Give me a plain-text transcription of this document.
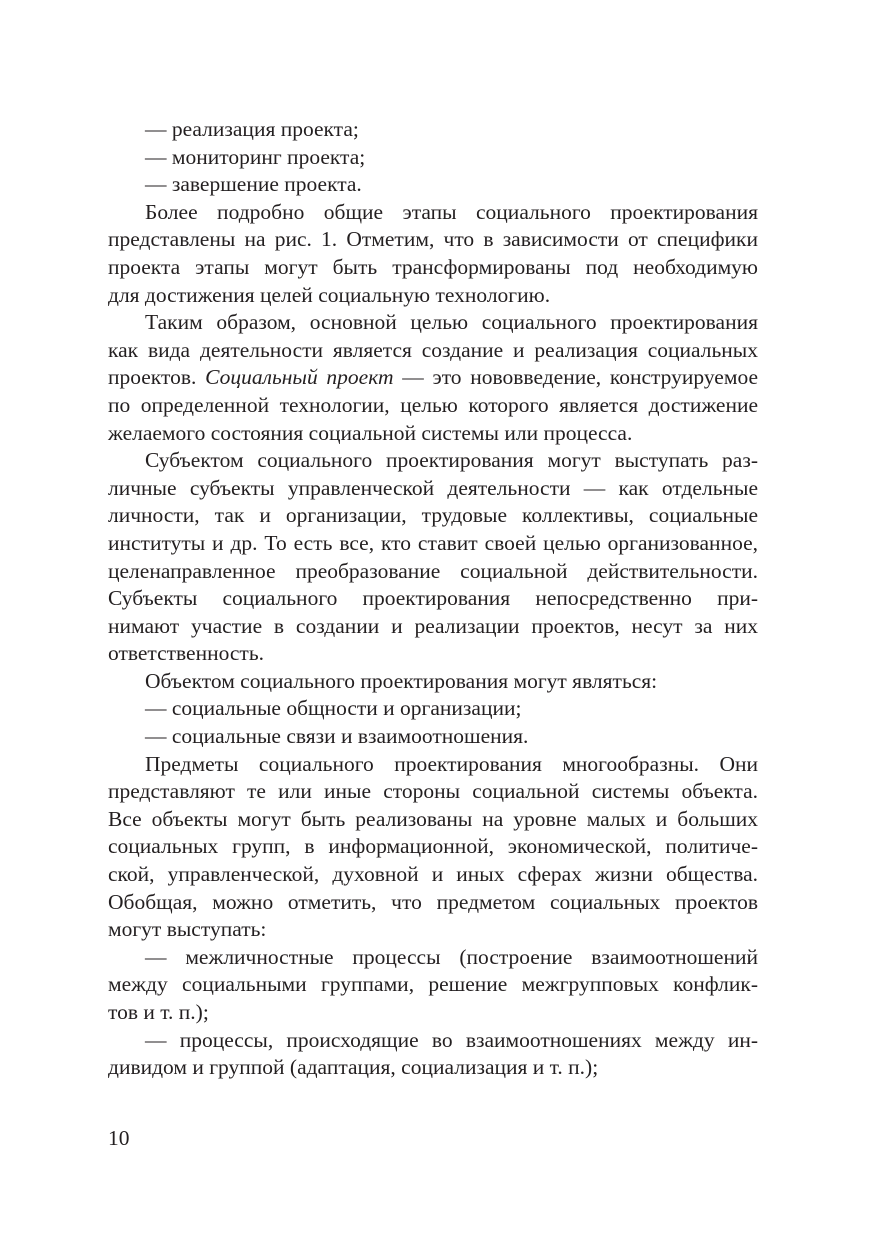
— реализация проекта;
— мониторинг проекта;
— завершение проекта.
Более подробно общие этапы социального проектирования
представлены на рис. 1. Отметим, что в зависимости от специфики
проекта этапы могут быть трансформированы под необходимую
для достижения целей социальную технологию.
Таким образом, основной целью социального проектирования
как вида деятельности является создание и реализация социальных
проектов. Социальный проект — это нововведение, конструируемое
по определенной технологии, целью которого является достижение
желаемого состояния социальной системы или процесса.
Субъектом социального проектирования могут выступать раз-
личные субъекты управленческой деятельности — как отдельные
личности, так и организации, трудовые коллективы, социальные
институты и др. То есть все, кто ставит своей целью организованное,
целенаправленное преобразование социальной действительности.
Субъекты социального проектирования непосредственно при-
нимают участие в создании и реализации проектов, несут за них
ответственность.
Объектом социального проектирования могут являться:
— социальные общности и организации;
— социальные связи и взаимоотношения.
Предметы социального проектирования многообразны. Они
представляют те или иные стороны социальной системы объекта.
Все объекты могут быть реализованы на уровне малых и больших
социальных групп, в информационной, экономической, политиче-
ской, управленческой, духовной и иных сферах жизни общества.
Обобщая, можно отметить, что предметом социальных проектов
могут выступать:
— межличностные процессы (построение взаимоотношений
между социальными группами, решение межгрупповых конфлик-
тов и т. п.);
— процессы, происходящие во взаимоотношениях между ин-
дивидом и группой (адаптация, социализация и т. п.);
10
